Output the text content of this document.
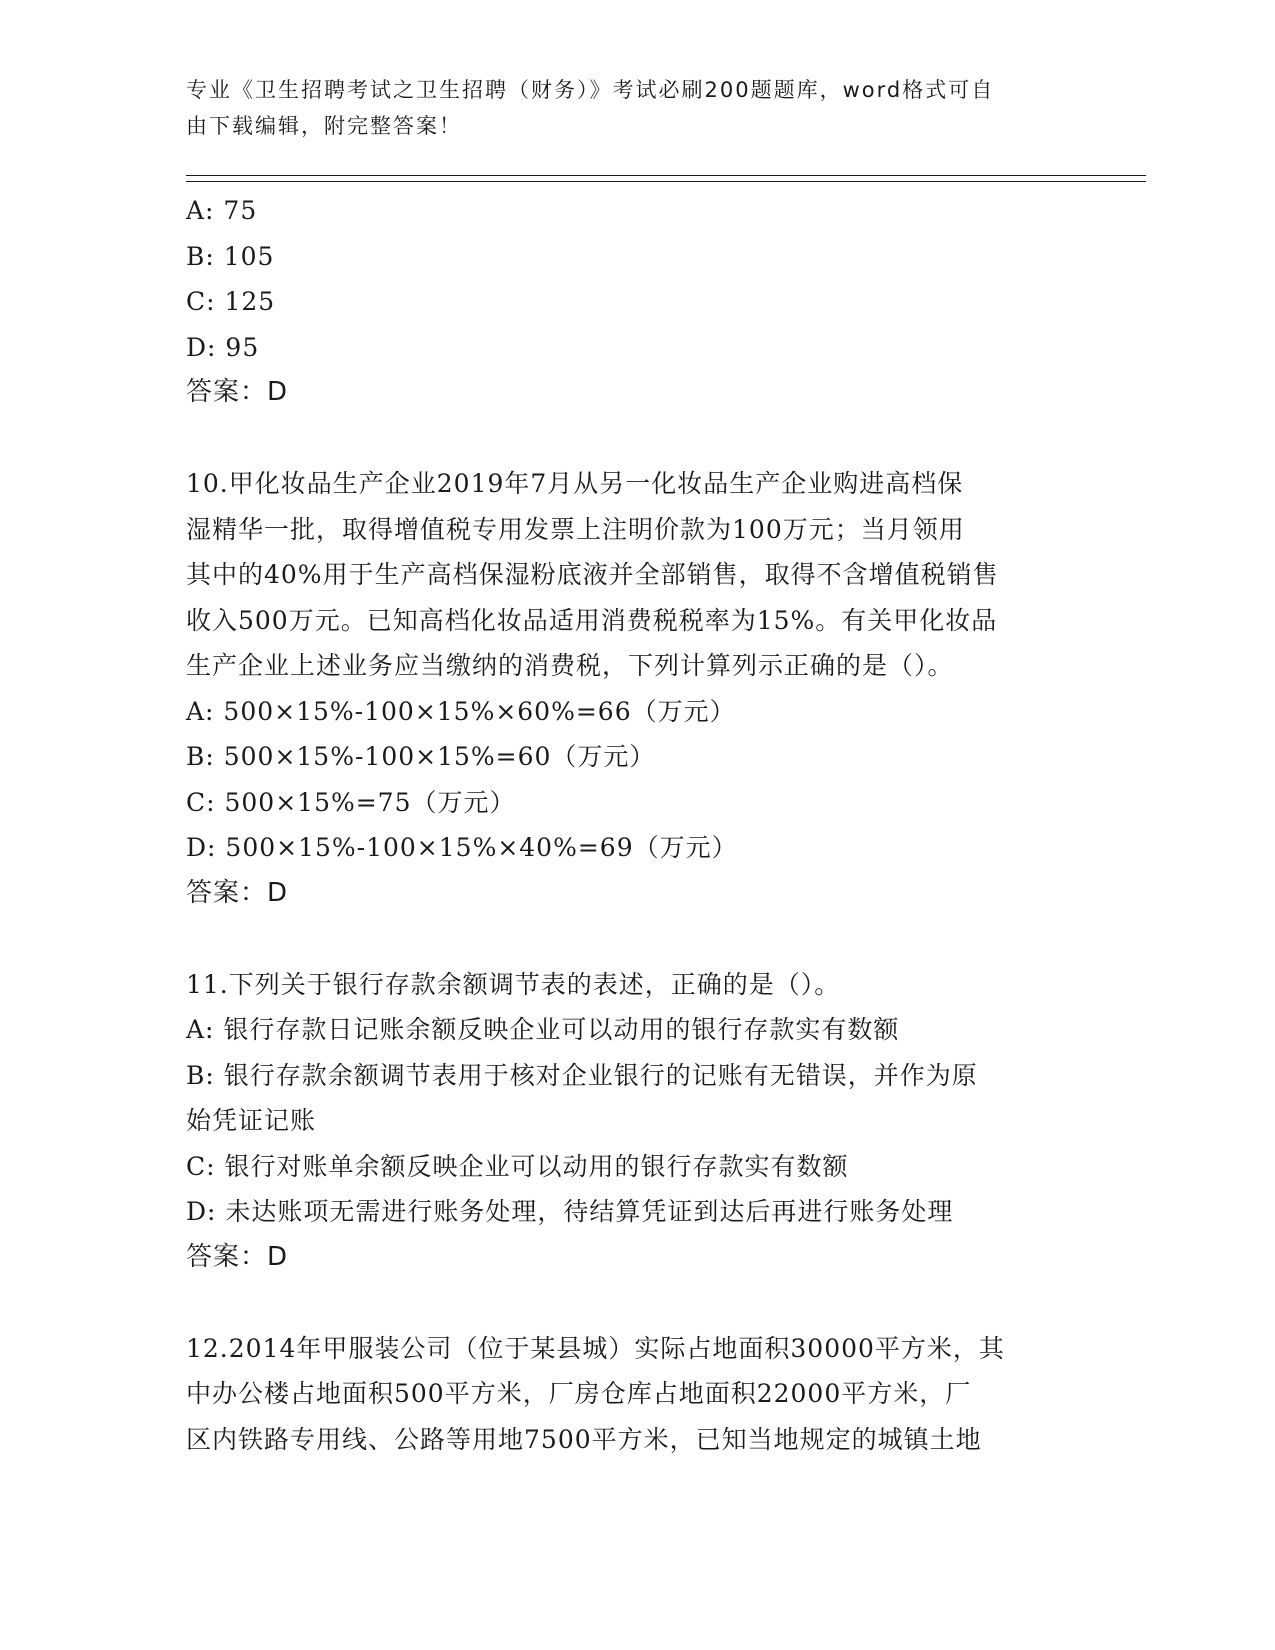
专业《卫生招聘考试之卫生招聘（财务）》考试必刷200题题库，word格式可自
由下载编辑，附完整答案！
A: 75
B: 105
C: 125
D: 95
答案：D
10.甲化妆品生产企业2019年7月从另一化妆品生产企业购进高档保
湿精华一批，取得增值税专用发票上注明价款为100万元；当月领用
其中的40%用于生产高档保湿粉底液并全部销售，取得不含增值税销售
收入500万元。已知高档化妆品适用消费税税率为15%。有关甲化妆品
生产企业上述业务应当缴纳的消费税，下列计算列示正确的是（）。
A: 500×15%-100×15%×60%=66（万元）
B: 500×15%-100×15%=60（万元）
C: 500×15%=75（万元）
D: 500×15%-100×15%×40%=69（万元）
答案：D
11.下列关于银行存款余额调节表的表述，正确的是（）。
A: 银行存款日记账余额反映企业可以动用的银行存款实有数额
B: 银行存款余额调节表用于核对企业银行的记账有无错误，并作为原
始凭证记账
C: 银行对账单余额反映企业可以动用的银行存款实有数额
D: 未达账项无需进行账务处理，待结算凭证到达后再进行账务处理
答案：D
12.2014年甲服装公司（位于某县城）实际占地面积30000平方米，其
中办公楼占地面积500平方米，厂房仓库占地面积22000平方米，厂
区内铁路专用线、公路等用地7500平方米，已知当地规定的城镇土地
